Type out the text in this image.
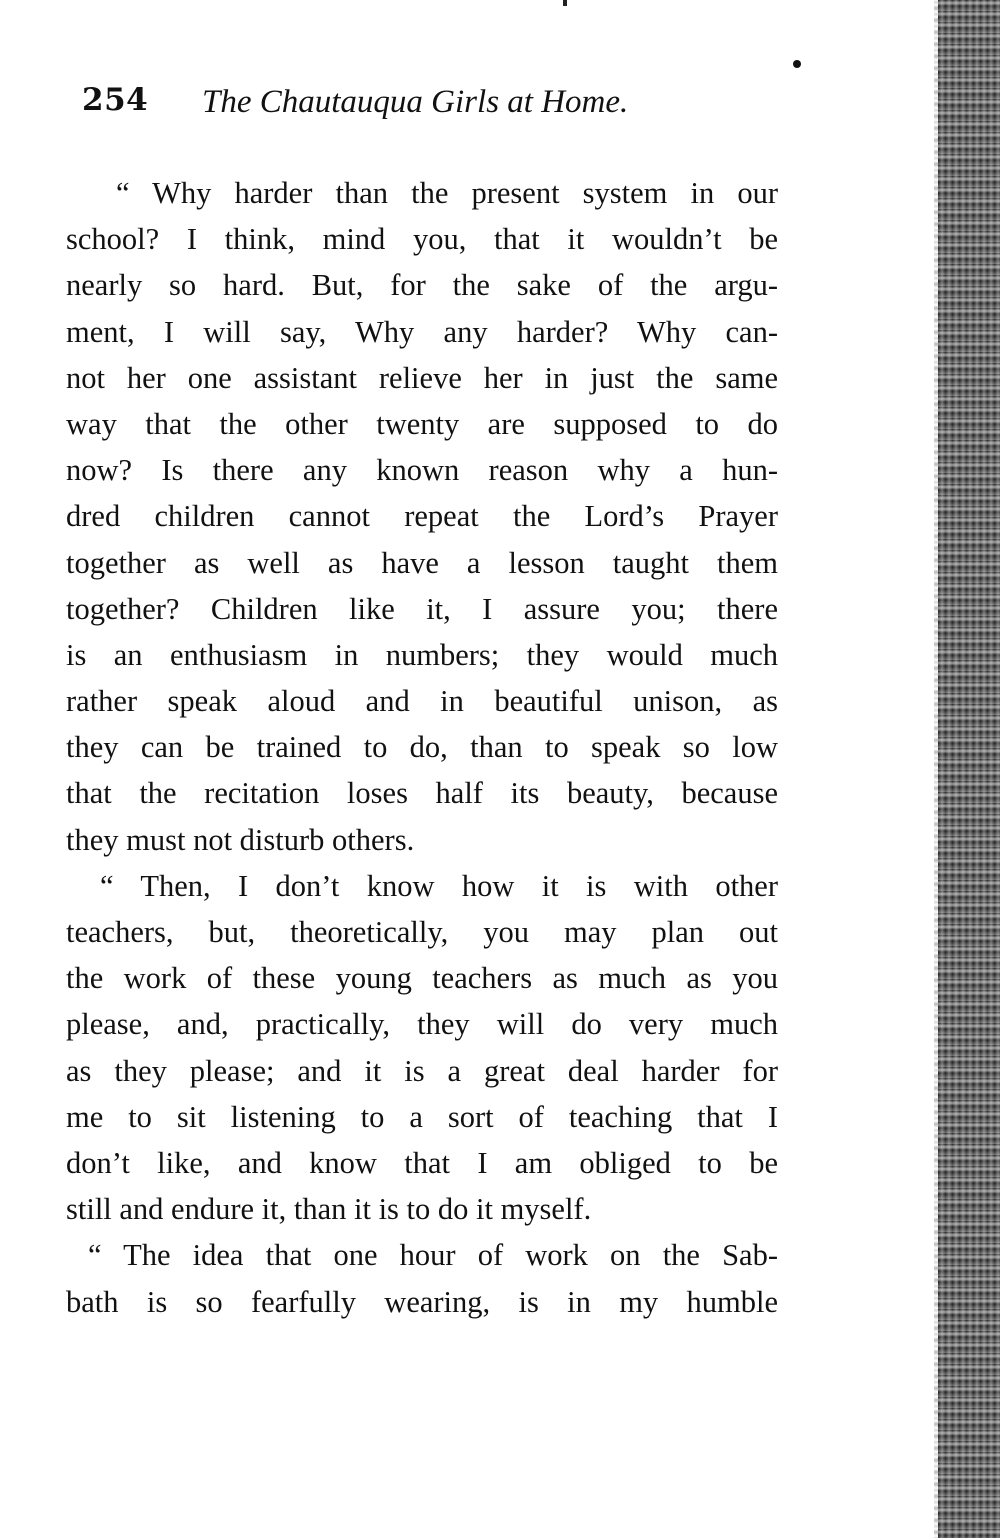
254 The Chautauqua Girls at Home.
“ Why harder than the present system in our
school? I think, mind you, that it wouldn’t be
nearly so hard. But, for the sake of the argu-
ment, I will say, Why any harder? Why can-
not her one assistant relieve her in just the same
way that the other twenty are supposed to do
now? Is there any known reason why a hun-
dred children cannot repeat the Lord’s Prayer
together as well as have a lesson taught them
together? Children like it, I assure you; there
is an enthusiasm in numbers; they would much
rather speak aloud and in beautiful unison, as
they can be trained to do, than to speak so low
that the recitation loses half its beauty, because
they must not disturb others.
“ Then, I don’t know how it is with other
teachers, but, theoretically, you may plan out
the work of these young teachers as much as you
please, and, practically, they will do very much
as they please; and it is a great deal harder for
me to sit listening to a sort of teaching that I
don’t like, and know that I am obliged to be
still and endure it, than it is to do it myself.
“ The idea that one hour of work on the Sab-
bath is so fearfully wearing, is in my humble
